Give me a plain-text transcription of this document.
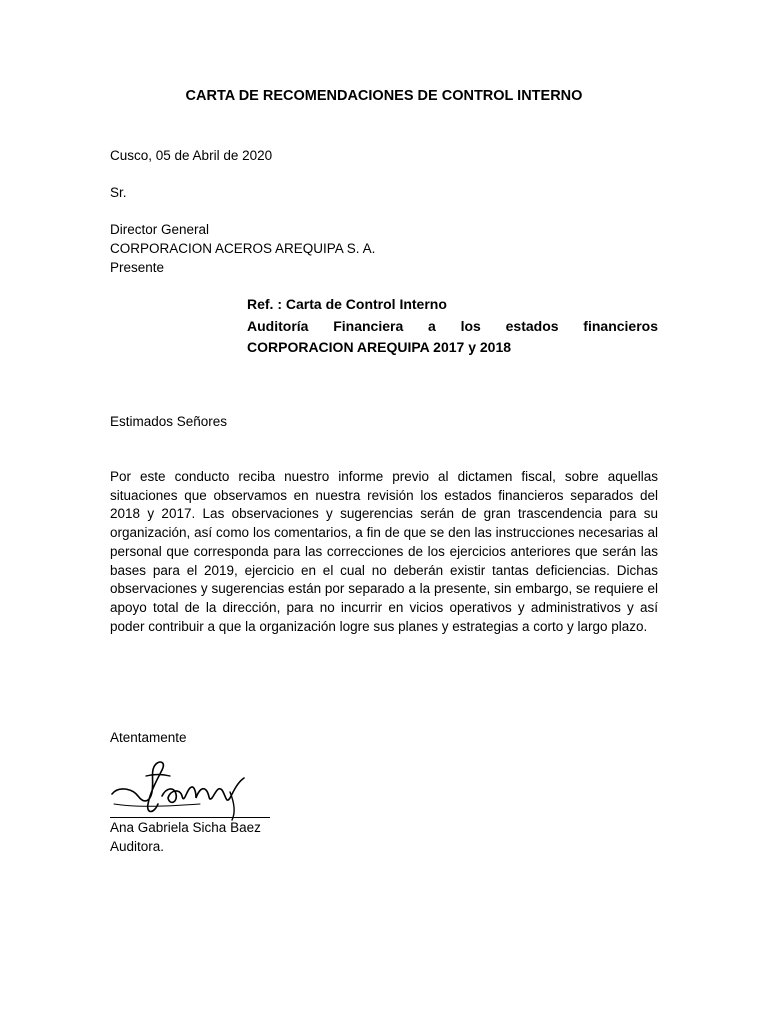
CARTA DE RECOMENDACIONES DE CONTROL INTERNO
Cusco, 05 de Abril de 2020
Sr.
Director General
CORPORACION ACEROS AREQUIPA S. A.
Presente
Ref. : Carta de Control Interno
Auditoría Financiera a los estados financieros
CORPORACION AREQUIPA 2017 y 2018
Estimados Señores
Por este conducto reciba nuestro informe previo al dictamen fiscal, sobre aquellas situaciones que observamos en nuestra revisión los estados financieros separados del 2018 y 2017. Las observaciones y sugerencias serán de gran trascendencia para su organización, así como los comentarios, a fin de que se den las instrucciones necesarias al personal que corresponda para las correcciones de los ejercicios anteriores que serán las bases para el 2019, ejercicio en el cual no deberán existir tantas deficiencias. Dichas observaciones y sugerencias están por separado a la presente, sin embargo, se requiere el apoyo total de la dirección, para no incurrir en vicios operativos y administrativos y así poder contribuir a que la organización logre sus planes y estrategias a corto y largo plazo.
Atentamente
Ana Gabriela Sicha Baez
Auditora.
